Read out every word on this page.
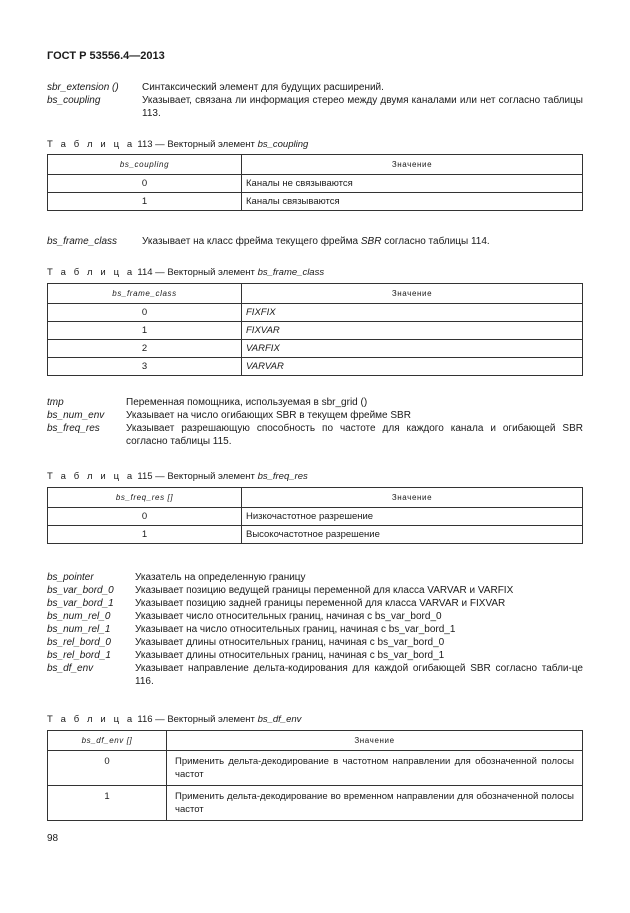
ГОСТ Р 53556.4—2013
sbr_extension ()	Синтаксический элемент для будущих расширений.
bs_coupling	Указывает, связана ли информация стерео между двумя каналами или нет согласно таблицы 113.
Т а б л и ц а 113 — Векторный элемент bs_coupling
bs_coupling	Значение
0	Каналы не связываются
1	Каналы связываются
bs_frame_class	Указывает на класс фрейма текущего фрейма SBR согласно таблицы 114.
Т а б л и ц а 114 — Векторный элемент bs_frame_class
bs_frame_class	Значение
0	FIXFIX
1	FIXVAR
2	VARFIX
3	VARVAR
tmp	Переменная помощника, используемая в sbr_grid ()
bs_num_env	Указывает на число огибающих SBR в текущем фрейме SBR
bs_freq_res	Указывает разрешающую способность по частоте для каждого канала и огибающей SBR согласно таблицы 115.
Т а б л и ц а 115 — Векторный элемент bs_freq_res
bs_freq_res []	Значение
0	Низкочастотное разрешение
1	Высокочастотное разрешение
bs_pointer	Указатель на определенную границу
bs_var_bord_0	Указывает позицию ведущей границы переменной для класса VARVAR и VARFIX
bs_var_bord_1	Указывает позицию задней границы переменной для класса VARVAR и FIXVAR
bs_num_rel_0	Указывает число относительных границ, начиная с bs_var_bord_0
bs_num_rel_1	Указывает на число относительных границ, начиная с bs_var_bord_1
bs_rel_bord_0	Указывает длины относительных границ, начиная с bs_var_bord_0
bs_rel_bord_1	Указывает длины относительных границ, начиная с bs_var_bord_1
bs_df_env	Указывает направление дельта-кодирования для каждой огибающей SBR согласно табли-це 116.
Т а б л и ц а 116 — Векторный элемент bs_df_env
bs_df_env []	Значение
0	Применить дельта-декодирование в частотном направлении для обозначенной полосы частот
1	Применить дельта-декодирование во временном направлении для обозначенной полосы частот
98
